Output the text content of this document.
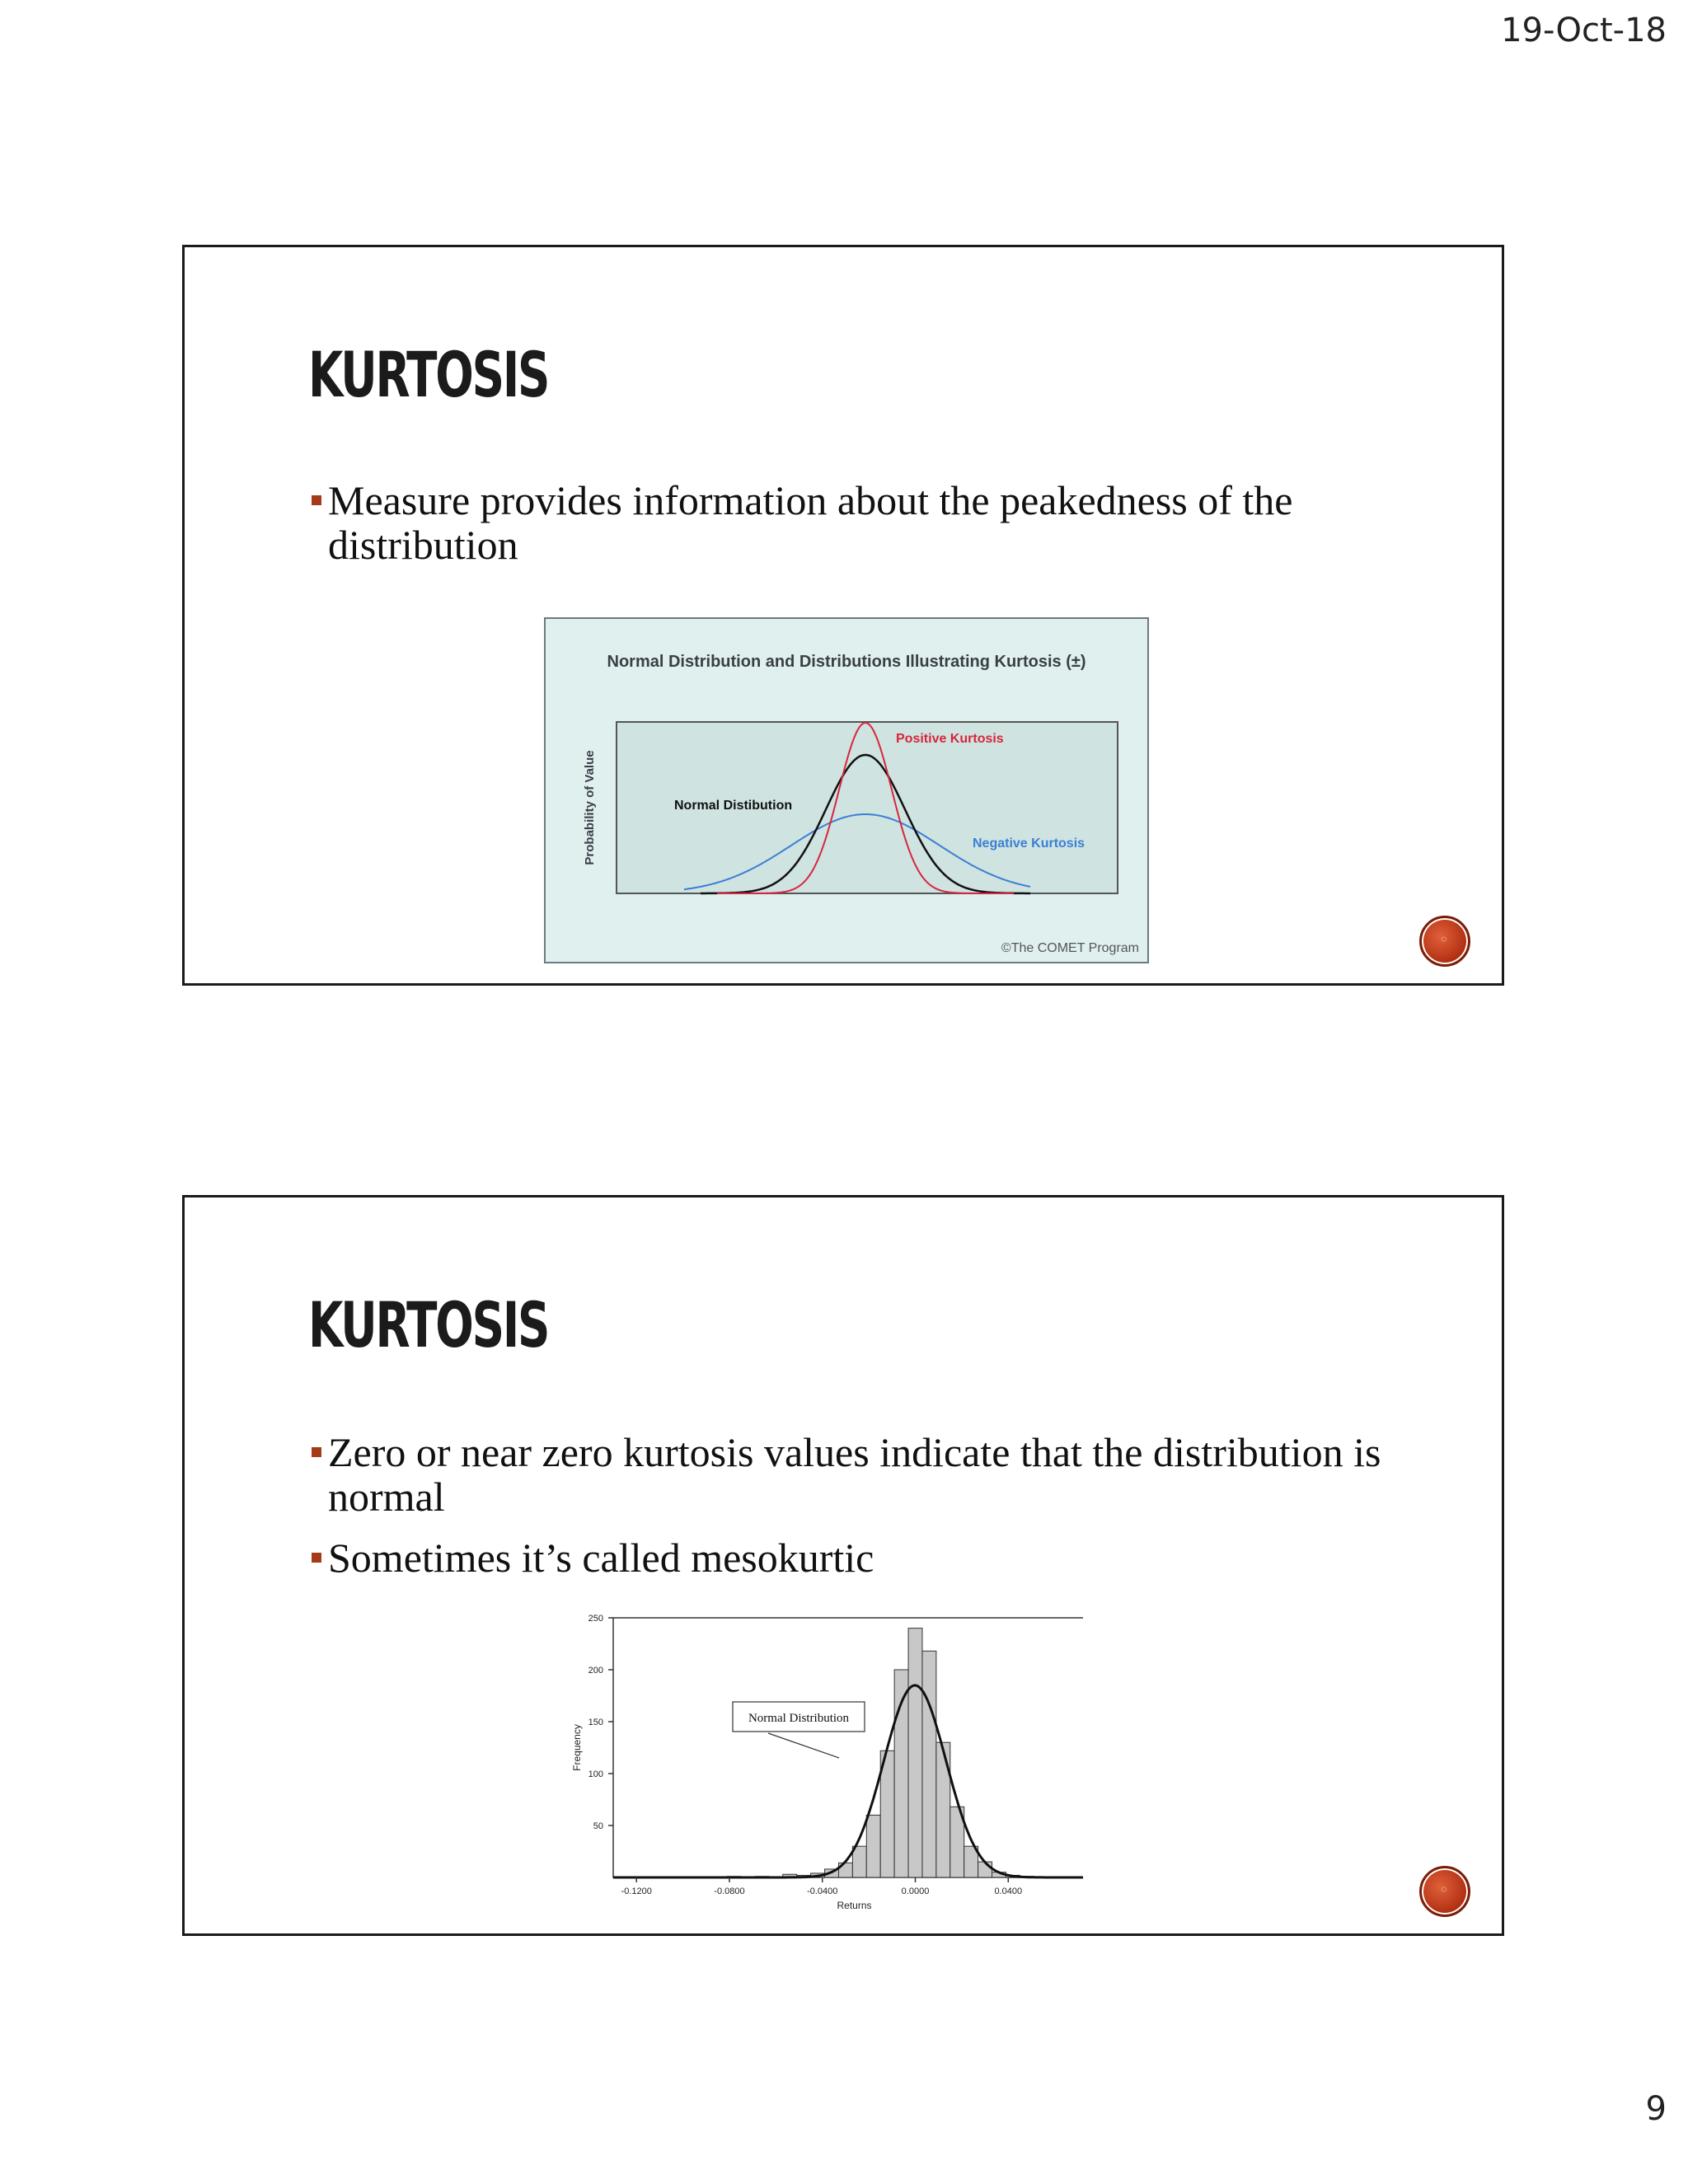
19-Oct-18
KURTOSIS
Measure provides information about the peakedness of the distribution
Normal Distribution and Distributions Illustrating Kurtosis (±)
Probability of Value
Positive Kurtosis
Normal Distibution
Negative Kurtosis
©The COMET Program	◦
KURTOSIS
Zero or near zero kurtosis values indicate that the distribution is normal
Sometimes it’s called mesokurtic
-0.1200	-0.0800	-0.0400	0.0000	0.0400
50
100
150
200
250
Returns
Frequency
Normal Distribution
◦
9
